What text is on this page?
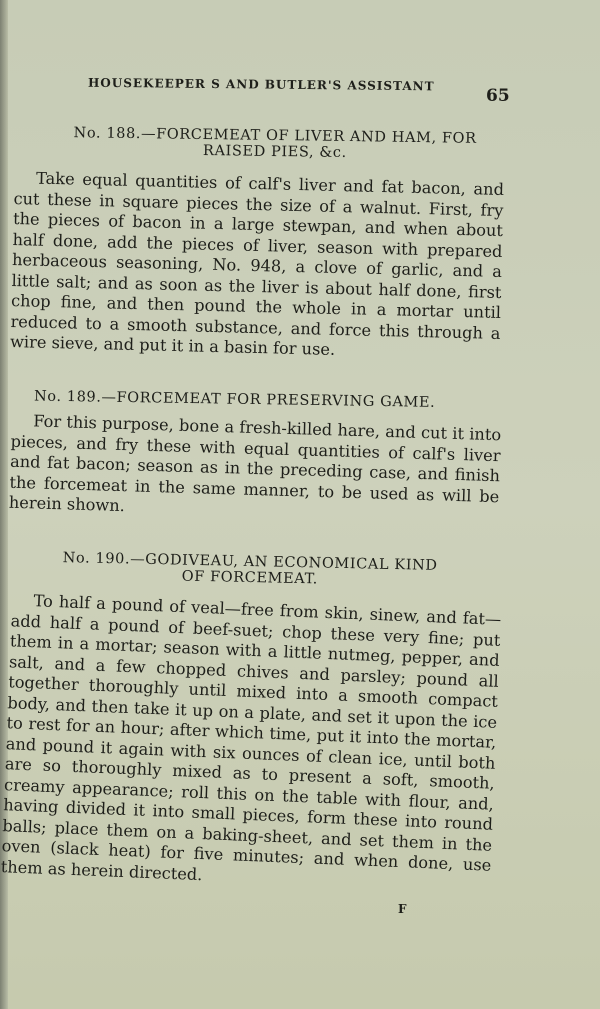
HOUSEKEEPER S AND BUTLER'S ASSISTANT
65
No. 188.—FORCEMEAT OF LIVER AND HAM, FOR
RAISED PIES, &c.

Take equal quantities of calf's liver and fat bacon, and cut these in square pieces the size of a walnut. First, fry the pieces of bacon in a large stewpan, and when about half done, add the pieces of liver, season with prepared herbaceous seasoning, No. 948, a clove of garlic, and a little salt; and as soon as the liver is about half done, first chop fine, and then pound the whole in a mortar until reduced to a smooth substance, and force this through a wire sieve, and put it in a basin for use.

No. 189.—FORCEMEAT FOR PRESERVING GAME.

For this purpose, bone a fresh-killed hare, and cut it into pieces, and fry these with equal quantities of calf's liver and fat bacon; season as in the preceding case, and finish the forcemeat in the same manner, to be used as will be herein shown.

No. 190.—GODIVEAU, AN ECONOMICAL KIND
OF FORCEMEAT.

To half a pound of veal—free from skin, sinew, and fat—add half a pound of beef-suet; chop these very fine; put them in a mortar; season with a little nutmeg, pepper, and salt, and a few chopped chives and parsley; pound all together thoroughly until mixed into a smooth compact body, and then take it up on a plate, and set it upon the ice to rest for an hour; after which time, put it into the mortar, and pound it again with six ounces of clean ice, until both are so thoroughly mixed as to present a soft, smooth, creamy appearance; roll this on the table with flour, and, having divided it into small pieces, form these into round balls; place them on a baking-sheet, and set them in the oven (slack heat) for five minutes; and when done, use them as herein directed.

F
